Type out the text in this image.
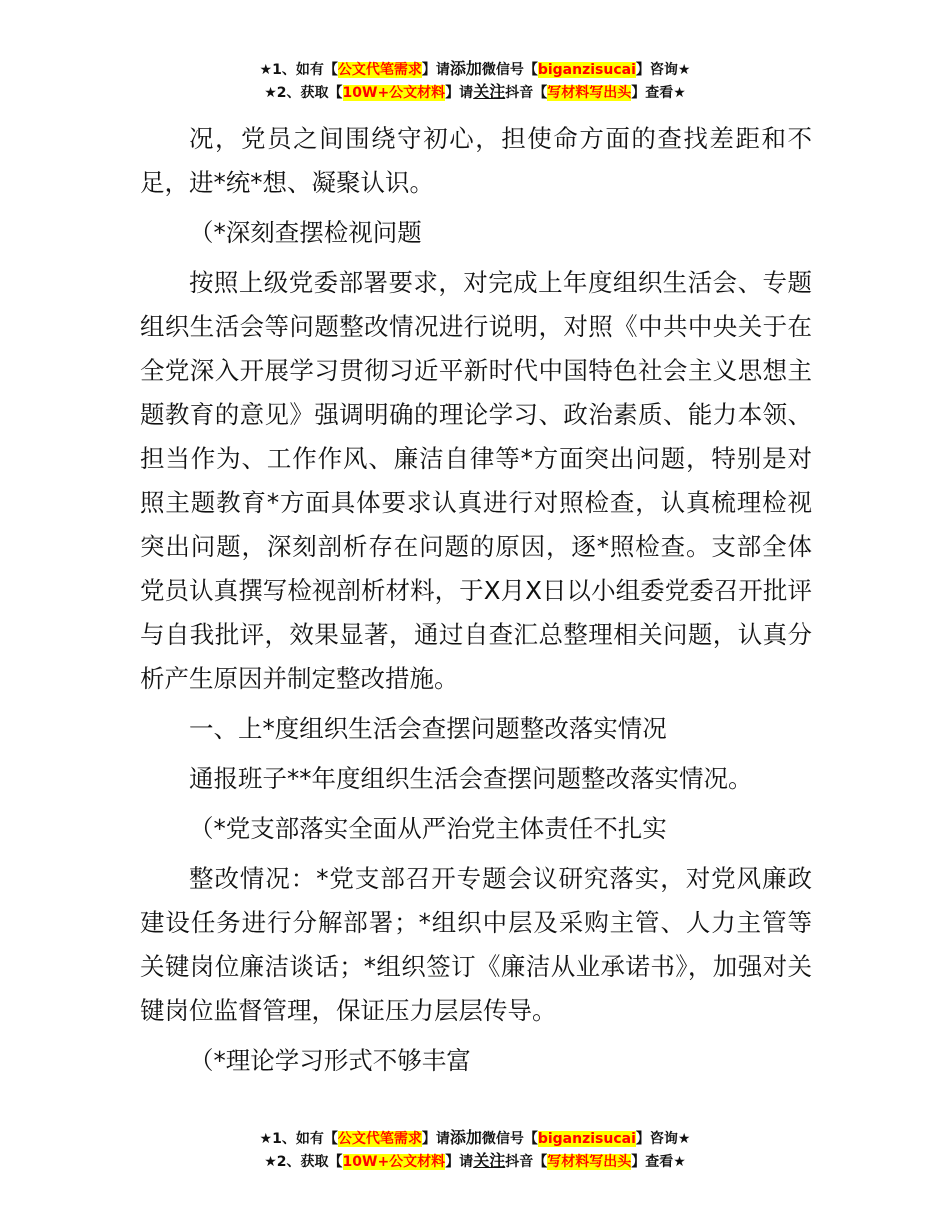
★1、如有【公文代笔需求】请添加微信号【biganzisucai】咨询★
★2、获取【10W+公文材料】请关注抖音【写材料写出头】查看★

况，党员之间围绕守初心，担使命方面的查找差距和不足，进*统*想、凝聚认识。

（*深刻查摆检视问题

按照上级党委部署要求，对完成上年度组织生活会、专题组织生活会等问题整改情况进行说明，对照《中共中央关于在全党深入开展学习贯彻习近平新时代中国特色社会主义思想主题教育的意见》强调明确的理论学习、政治素质、能力本领、担当作为、工作作风、廉洁自律等*方面突出问题，特别是对照主题教育*方面具体要求认真进行对照检查，认真梳理检视突出问题，深刻剖析存在问题的原因，逐*照检查。支部全体党员认真撰写检视剖析材料，于X月X日以小组委党委召开批评与自我批评，效果显著，通过自查汇总整理相关问题，认真分析产生原因并制定整改措施。

一、上*度组织生活会查摆问题整改落实情况

通报班子**年度组织生活会查摆问题整改落实情况。

（*党支部落实全面从严治党主体责任不扎实

整改情况：*党支部召开专题会议研究落实，对党风廉政建设任务进行分解部署；*组织中层及采购主管、人力主管等关键岗位廉洁谈话；*组织签订《廉洁从业承诺书》，加强对关键岗位监督管理，保证压力层层传导。

（*理论学习形式不够丰富

★1、如有【公文代笔需求】请添加微信号【biganzisucai】咨询★
★2、获取【10W+公文材料】请关注抖音【写材料写出头】查看★
